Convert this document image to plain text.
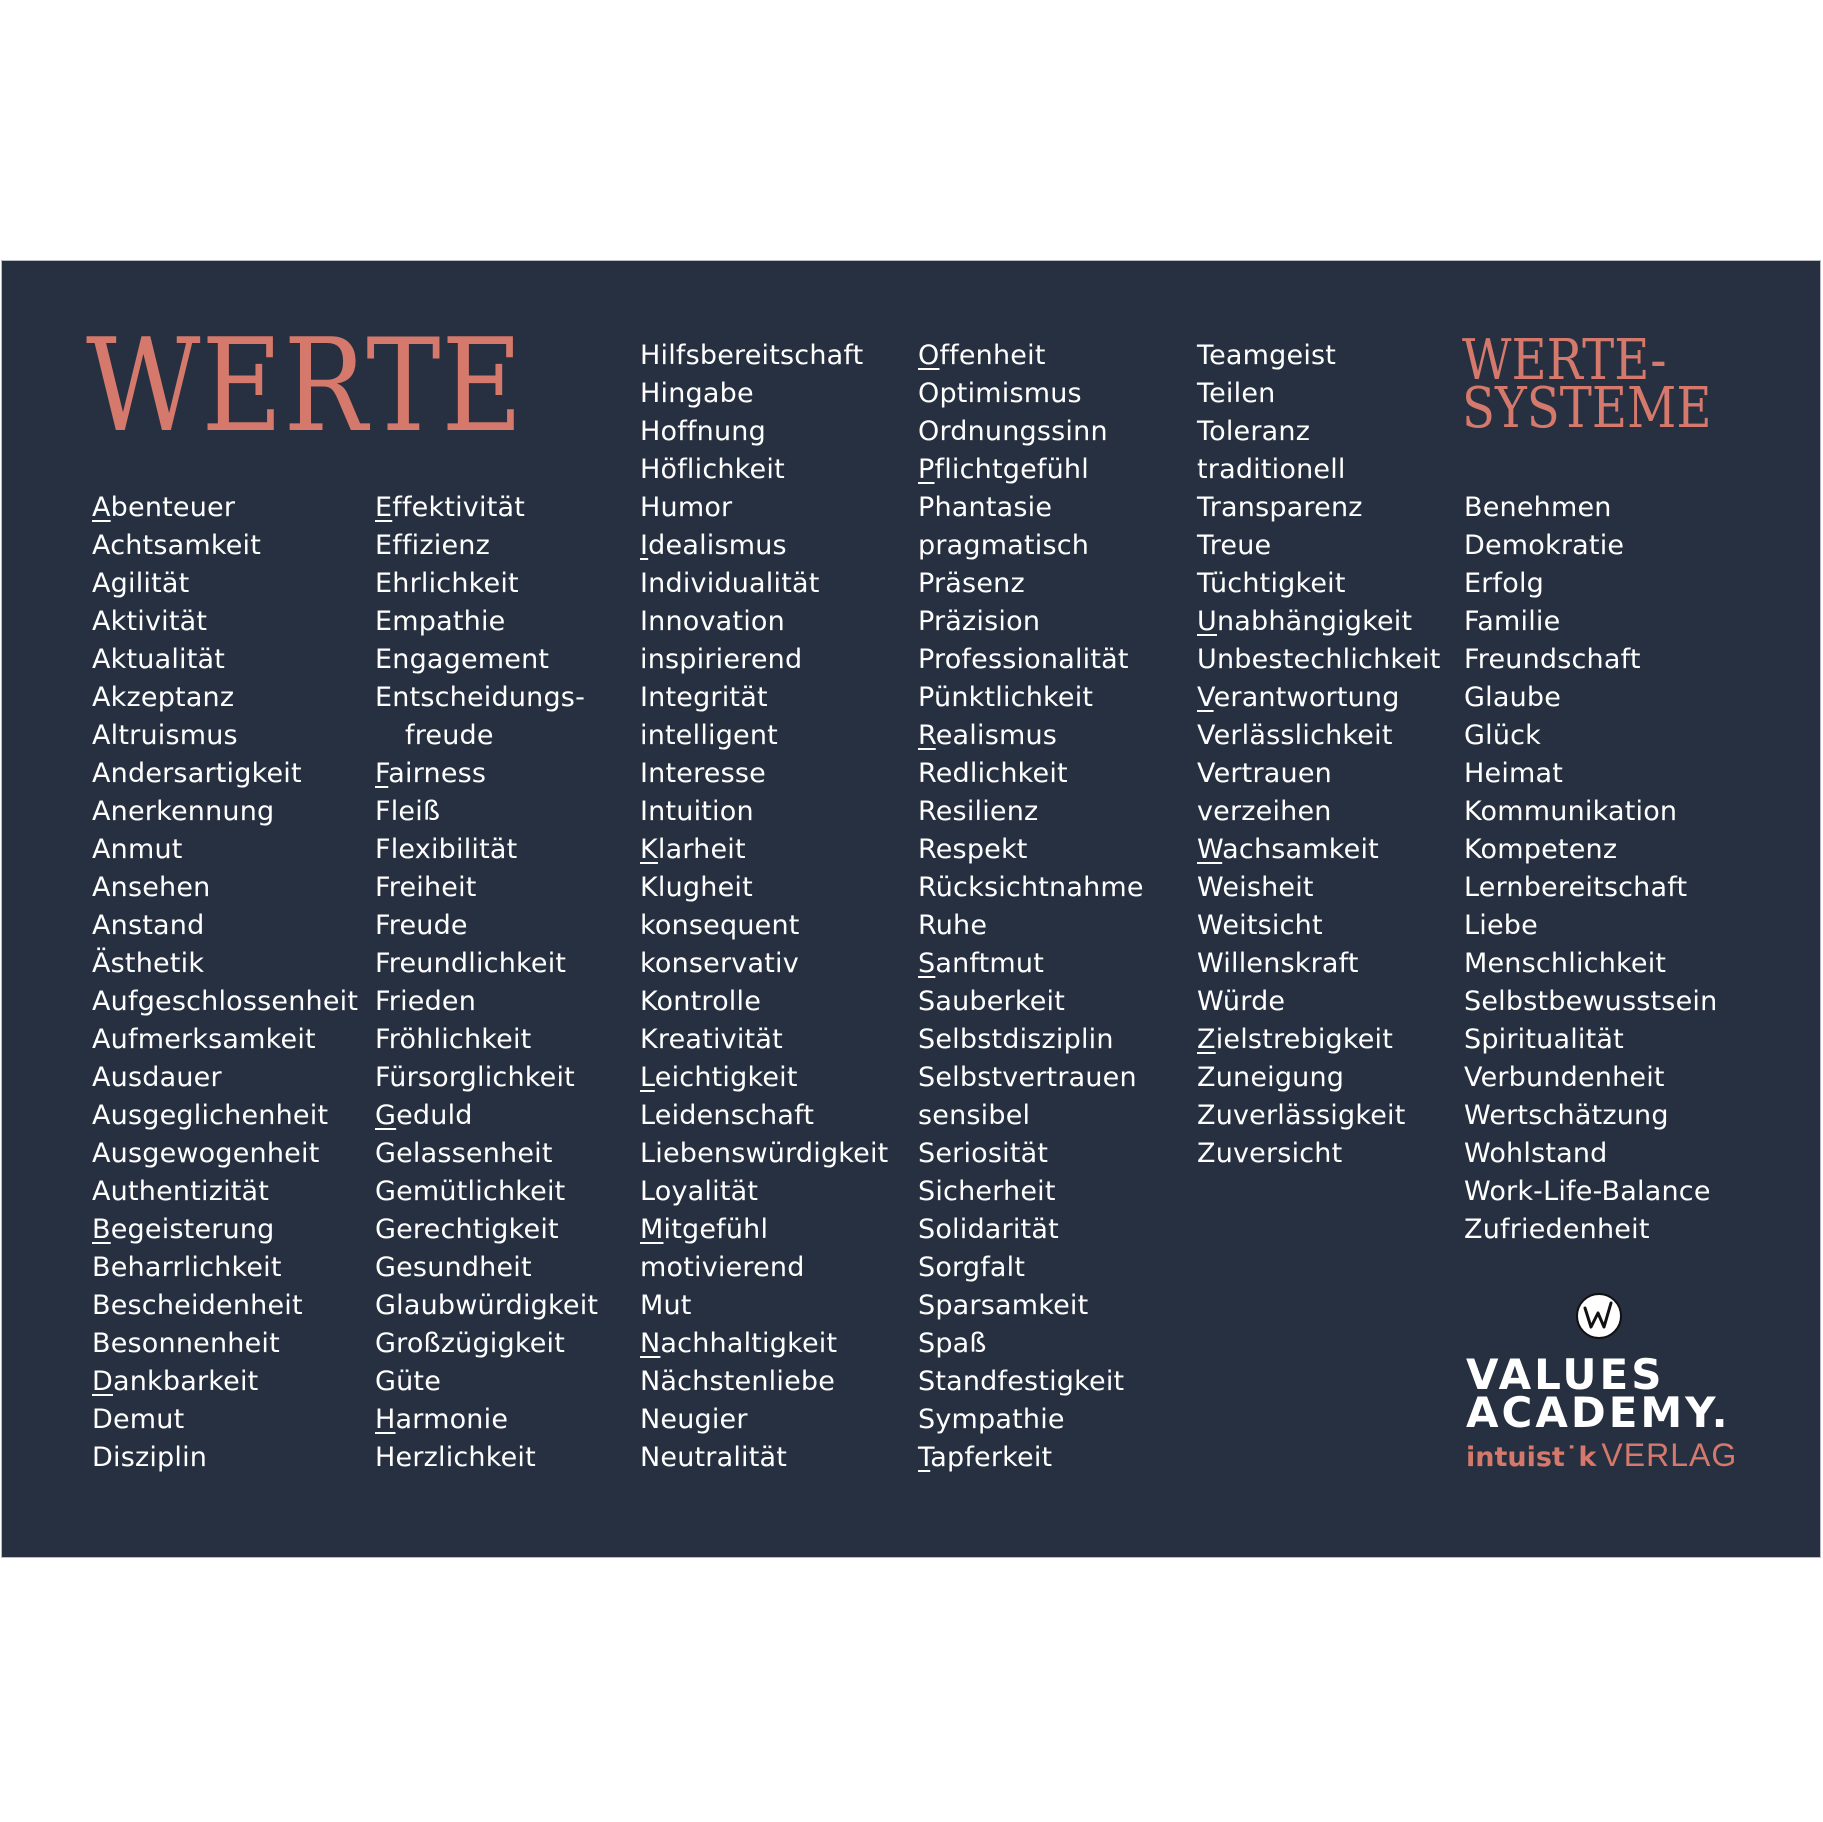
WERTE	WERTE-
SYSTEME
Abenteuer
Achtsamkeit
Agilität
Aktivität
Aktualität
Akzeptanz
Altruismus
Andersartigkeit
Anerkennung
Anmut
Ansehen
Anstand
Ästhetik
Aufgeschlossenheit
Aufmerksamkeit
Ausdauer
Ausgeglichenheit
Ausgewogenheit
Authentizität
Begeisterung
Beharrlichkeit
Bescheidenheit
Besonnenheit
Dankbarkeit
Demut
Disziplin
Effektivität
Effizienz
Ehrlichkeit
Empathie
Engagement
Entscheidungs-
freude
Fairness
Fleiß
Flexibilität
Freiheit
Freude
Freundlichkeit
Frieden
Fröhlichkeit
Fürsorglichkeit
Geduld
Gelassenheit
Gemütlichkeit
Gerechtigkeit
Gesundheit
Glaubwürdigkeit
Großzügigkeit
Güte
Harmonie
Herzlichkeit
Hilfsbereitschaft
Hingabe
Hoffnung
Höflichkeit
Humor
Idealismus
Individualität
Innovation
inspirierend
Integrität
intelligent
Interesse
Intuition
Klarheit
Klugheit
konsequent
konservativ
Kontrolle
Kreativität
Leichtigkeit
Leidenschaft
Liebenswürdigkeit
Loyalität
Mitgefühl
motivierend
Mut
Nachhaltigkeit
Nächstenliebe
Neugier
Neutralität
Offenheit
Optimismus
Ordnungssinn
Pflichtgefühl
Phantasie
pragmatisch
Präsenz
Präzision
Professionalität
Pünktlichkeit
Realismus
Redlichkeit
Resilienz
Respekt
Rücksichtnahme
Ruhe
Sanftmut
Sauberkeit
Selbstdisziplin
Selbstvertrauen
sensibel
Seriosität
Sicherheit
Solidarität
Sorgfalt
Sparsamkeit
Spaß
Standfestigkeit
Sympathie
Tapferkeit
Teamgeist
Teilen
Toleranz
traditionell
Transparenz
Treue
Tüchtigkeit
Unabhängigkeit
Unbestechlichkeit
Verantwortung
Verlässlichkeit
Vertrauen
verzeihen
Wachsamkeit
Weisheit
Weitsicht
Willenskraft
Würde
Zielstrebigkeit
Zuneigung
Zuverlässigkeit
Zuversicht
Benehmen
Demokratie
Erfolg
Familie
Freundschaft
Glaube
Glück
Heimat
Kommunikation
Kompetenz
Lernbereitschaft
Liebe
Menschlichkeit
Selbstbewusstsein
Spiritualität
Verbundenheit
Wertschätzung
Wohlstand
Work-Life-Balance
Zufriedenheit

VALUES

ACADEMY.

intuist˙k VERLAG
